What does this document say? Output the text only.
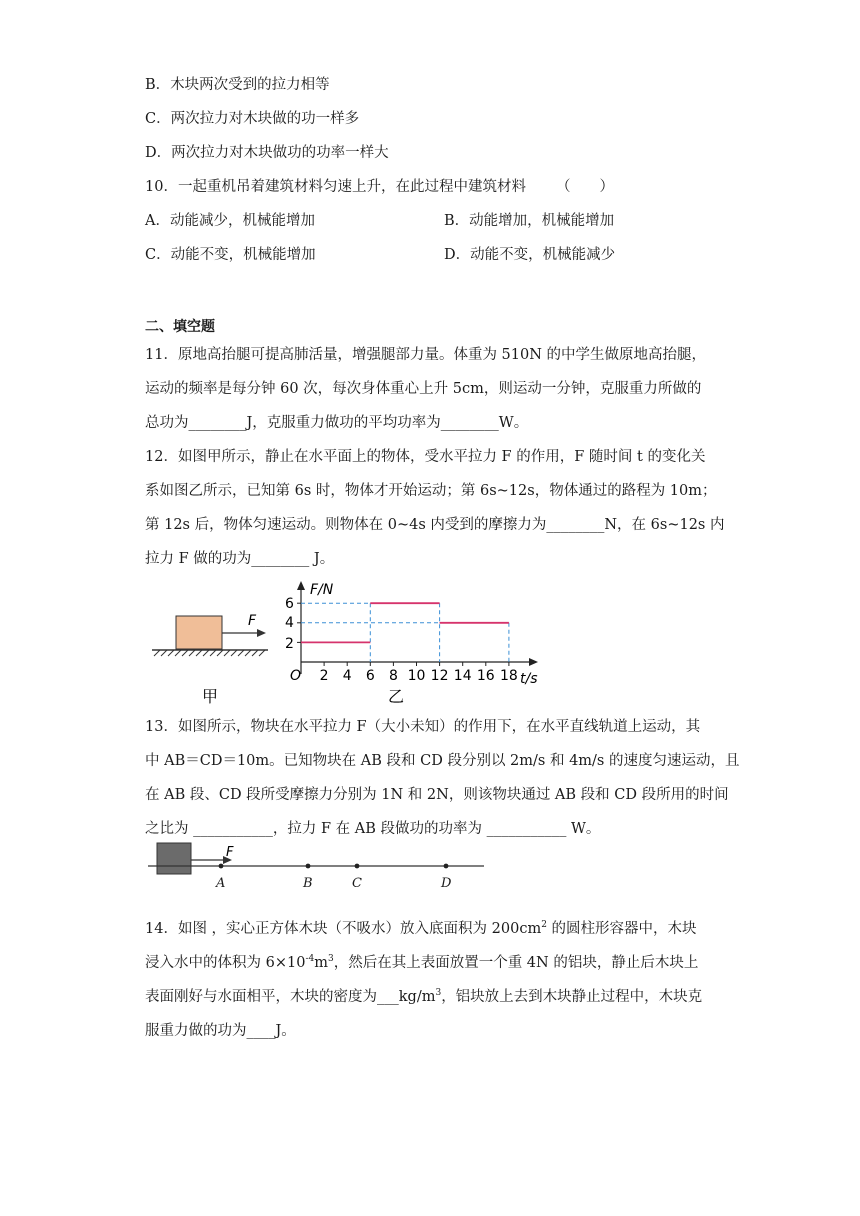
B．木块两次受到的拉力相等
C．两次拉力对木块做的功一样多
D．两次拉力对木块做功的功率一样大
10．一起重机吊着建筑材料匀速上升，在此过程中建筑材料 （　　）
A．动能减少，机械能增加	B．动能增加，机械能增加
C．动能不变，机械能增加	D．动能不变，机械能减少
二、填空题
11．原地高抬腿可提高肺活量，增强腿部力量。体重为 510N 的中学生做原地高抬腿，
运动的频率是每分钟 60 次，每次身体重心上升 5cm，则运动一分钟，克服重力所做的
总功为________J，克服重力做功的平均功率为________W。
12．如图甲所示，静止在水平面上的物体，受水平拉力 F 的作用，F 随时间 t 的变化关
系如图乙所示，已知第 6s 时，物体才开始运动；第 6s~12s，物体通过的路程为 10m；
第 12s 后，物体匀速运动。则物体在 0~4s 内受到的摩擦力为________N，在 6s~12s 内
拉力 F 做的功为________ J。
F
甲
F/N
t/s
O
6
4
2
乙
2 4 6 8 10 12 14 16 18
13．如图所示，物块在水平拉力 F（大小未知）的作用下，在水平直线轨道上运动，其
中 AB＝CD＝10m。已知物块在 AB 段和 CD 段分别以 2m/s 和 4m/s 的速度匀速运动，且
在 AB 段、CD 段所受摩擦力分别为 1N 和 2N，则该物块通过 AB 段和 CD 段所用的时间
之比为 ___________，拉力 F 在 AB 段做功的功率为 ___________ W。
F
A	B	C	D
14．如图 ，实心正方体木块（不吸水）放入底面积为 $200cm^2$ 的圆柱形容器中，木块
浸入水中的体积为 $6\times 10^{-4}m^3$，然后在其上表面放置一个重 4N 的铝块，静止后木块上
表面刚好与水面相平，木块的密度为$\_\_\_kg/m^3$，铝块放上去到木块静止过程中，木块克
服重力做的功为____J。
